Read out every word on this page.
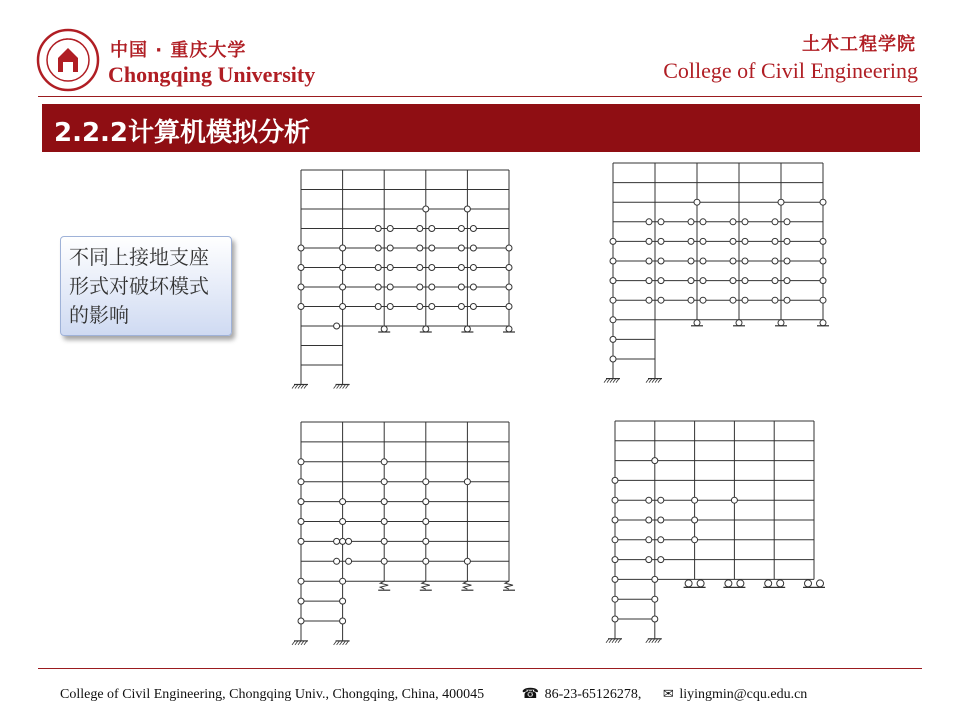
中国 · 重庆大学
Chongqing University
土木工程学院
College of Civil Engineering
2.2.2计算机模拟分析
不同上接地支座形式对破坏模式的影响
College of Civil Engineering, Chongqing Univ., Chongqing, China, 400045	☎ 86-23-65126278, ✉ liyingmin@cqu.edu.cn
